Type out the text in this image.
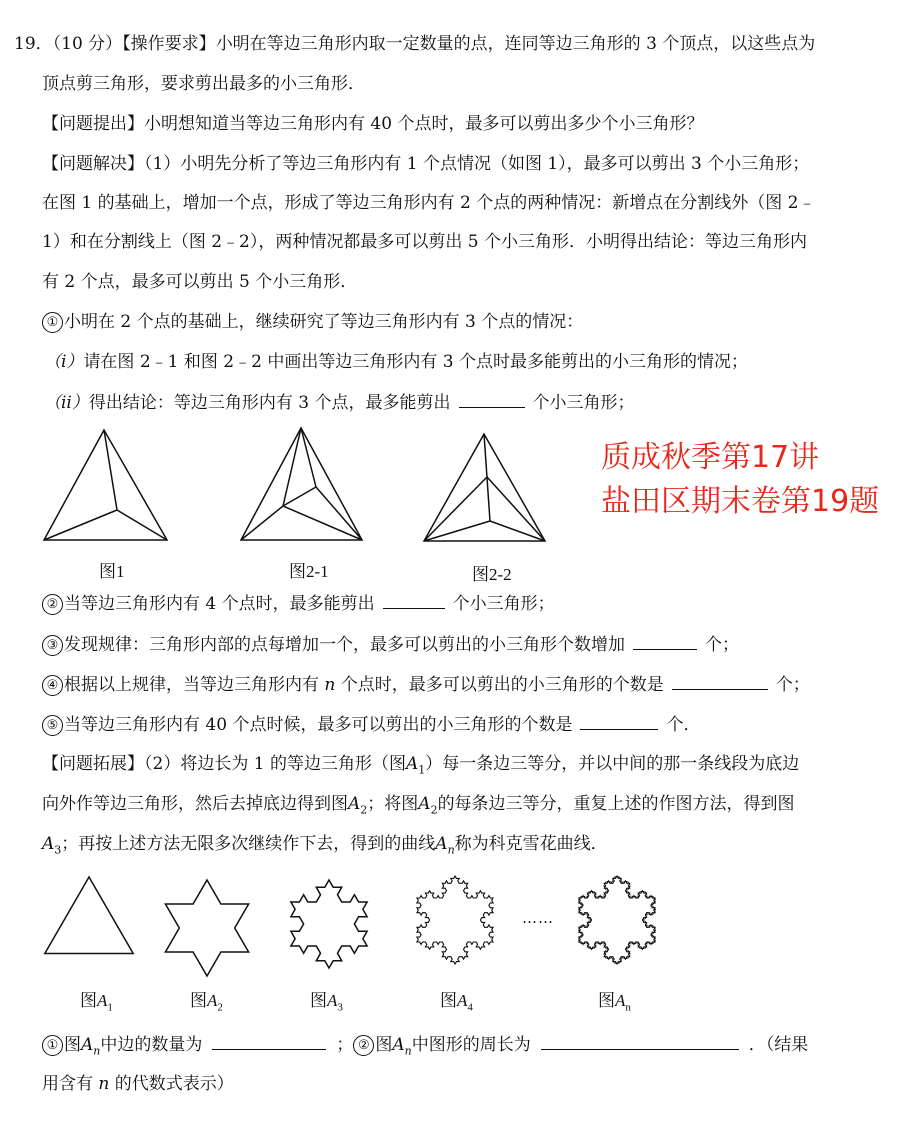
19．（10 分）【操作要求】小明在等边三角形内取一定数量的点，连同等边三角形的 3 个顶点，以这些点为
顶点剪三角形，要求剪出最多的小三角形．
【问题提出】小明想知道当等边三角形内有 40 个点时，最多可以剪出多少个小三角形？
【问题解决】（1）小明先分析了等边三角形内有 1 个点情况（如图 1），最多可以剪出 3 个小三角形；
在图 1 的基础上，增加一个点，形成了等边三角形内有 2 个点的两种情况：新增点在分割线外（图 2﹣
1）和在分割线上（图 2﹣2），两种情况都最多可以剪出 5 个小三角形．小明得出结论：等边三角形内
有 2 个点，最多可以剪出 5 个小三角形．
① 小明在 2 个点的基础上，继续研究了等边三角形内有 3 个点的情况：
（i）请在图 2﹣1 和图 2﹣2 中画出等边三角形内有 3 个点时最多能剪出的小三角形的情况；
（ii）得出结论：等边三角形内有 3 个点，最多能剪出	个小三角形；
图1	图2-1	图2-2
质成秋季第17讲
盐田区期末卷第19题
② 当等边三角形内有 4 个点时，最多能剪出	个小三角形；
③ 发现规律：三角形内部的点每增加一个，最多可以剪出的小三角形个数增加	个；
④ 根据以上规律，当等边三角形内有 n 个点时，最多可以剪出的小三角形的个数是	个；
⑤ 当等边三角形内有 40 个点时候，最多可以剪出的小三角形的个数是	个．
【问题拓展】（2）将边长为 1 的等边三角形（图$A_1$）每一条边三等分，并以中间的那一条线段为底边
向外作等边三角形，然后去掉底边得到图$A_2$；将图$A_2$的每条边三等分，重复上述的作图方法，得到图
$A_3$；再按上述方法无限多次继续作下去，得到的曲线$A_n$称为科克雪花曲线．
……
图$A_1$	图$A_2$	图$A_3$	图$A_4$	图$A_n$
① 图$A_n$中边的数量为	； ② 图$A_n$中图形的周长为	．（结果
用含有 n 的代数式表示）
